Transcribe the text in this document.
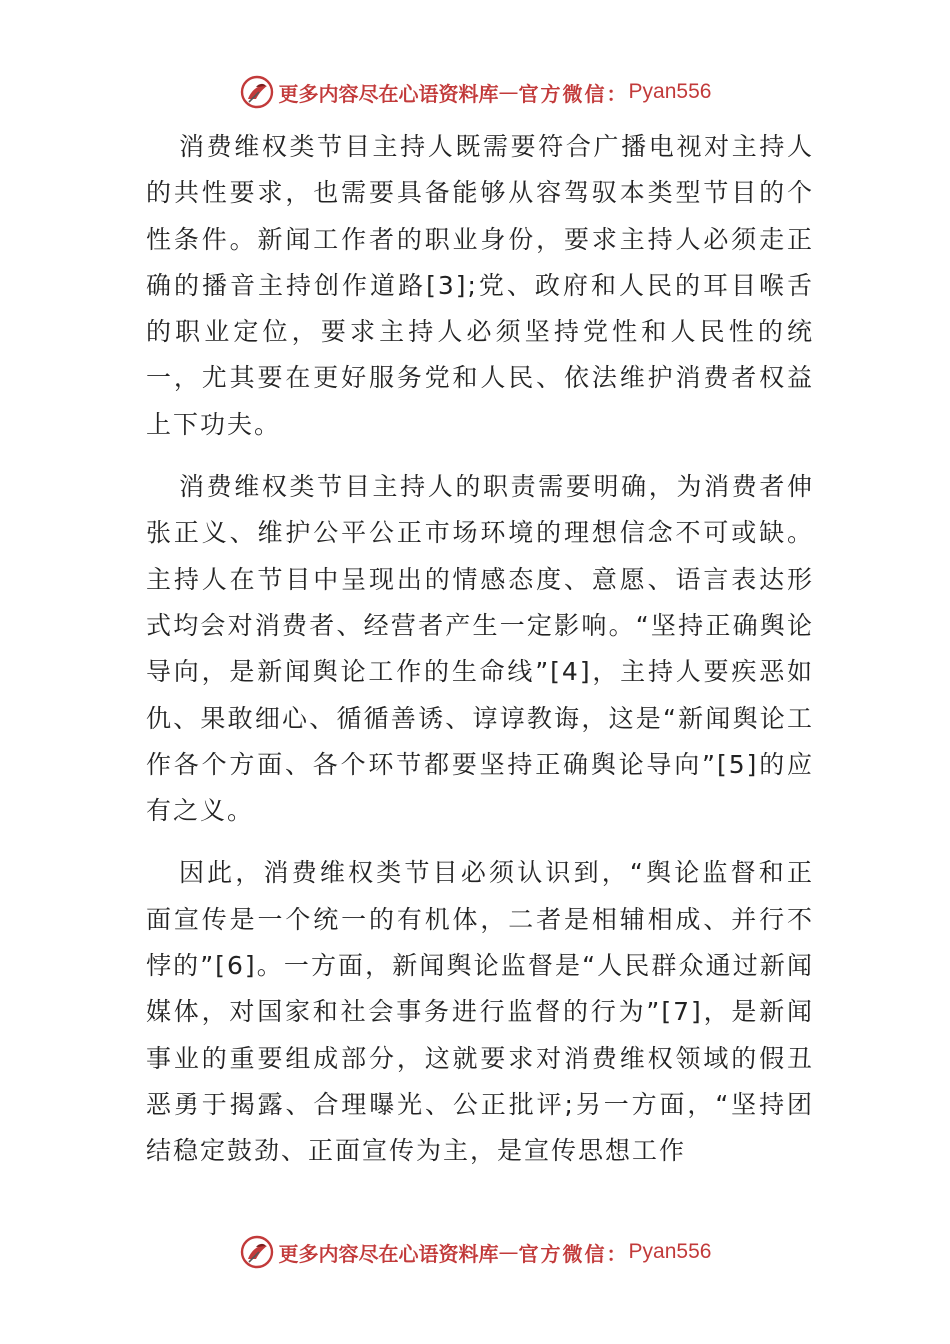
更多内容尽在心语资料库 — 官方微信： Pyan556

消费维权类节目主持人既需要符合广播电视对主持人的共性要求，也需要具备能够从容驾驭本类型节目的个性条件。新闻工作者的职业身份，要求主持人必须走正确的播音主持创作道路[3];党、政府和人民的耳目喉舌的职业定位，要求主持人必须坚持党性和人民性的统一，尤其要在更好服务党和人民、依法维护消费者权益上下功夫。

消费维权类节目主持人的职责需要明确，为消费者伸张正义、维护公平公正市场环境的理想信念不可或缺。主持人在节目中呈现出的情感态度、意愿、语言表达形式均会对消费者、经营者产生一定影响。“坚持正确舆论导向，是新闻舆论工作的生命线”[4]，主持人要疾恶如仇、果敢细心、循循善诱、谆谆教诲，这是“新闻舆论工作各个方面、各个环节都要坚持正确舆论导向”[5]的应有之义。

因此，消费维权类节目必须认识到，“舆论监督和正面宣传是一个统一的有机体，二者是相辅相成、并行不悖的”[6]。一方面，新闻舆论监督是“人民群众通过新闻媒体，对国家和社会事务进行监督的行为”[7]，是新闻事业的重要组成部分，这就要求对消费维权领域的假丑恶勇于揭露、合理曝光、公正批评;另一方面，“坚持团结稳定鼓劲、正面宣传为主，是宣传思想工作

更多内容尽在心语资料库 — 官方微信： Pyan556
